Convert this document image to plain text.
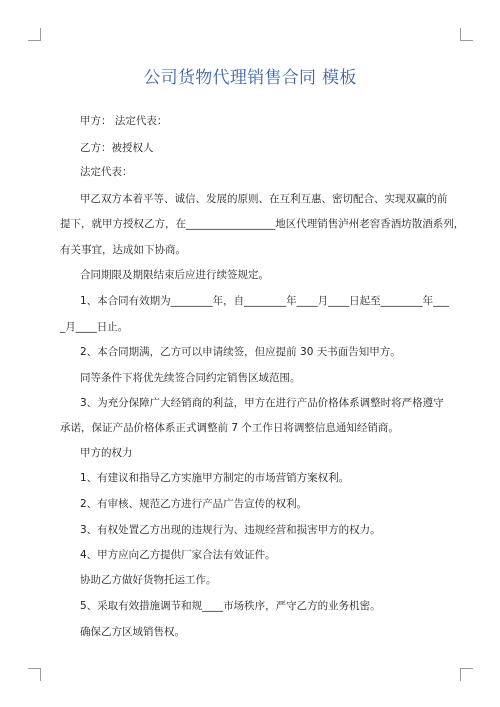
公司货物代理销售合同 模板
甲方： 法定代表：
乙方：被授权人
法定代表：
甲乙双方本着平等、诚信、发展的原则、在互利互惠、密切配合、实现双赢的前
提下，就甲方授权乙方，在_________________地区代理销售泸州老窖香酒坊散酒系列，
有关事宜，达成如下协商。
合同期限及期限结束后应进行续签规定。
1、本合同有效期为________年，自________年____月____日起至________年___
_月____日止。
2、本合同期满，乙方可以申请续签，但应提前 30 天书面告知甲方。
同等条件下将优先续签合同约定销售区域范围。
3、为充分保障广大经销商的利益，甲方在进行产品价格体系调整时将严格遵守
承诺，保证产品价格体系正式调整前 7 个工作日将调整信息通知经销商。
甲方的权力
1、有建议和指导乙方实施甲方制定的市场营销方案权利。
2、有审核、规范乙方进行产品广告宣传的权利。
3、有权处置乙方出现的违规行为、违规经营和损害甲方的权力。
4、甲方应向乙方提供厂家合法有效证件。
协助乙方做好货物托运工作。
5、采取有效措施调节和规____市场秩序，严守乙方的业务机密。
确保乙方区域销售权。
